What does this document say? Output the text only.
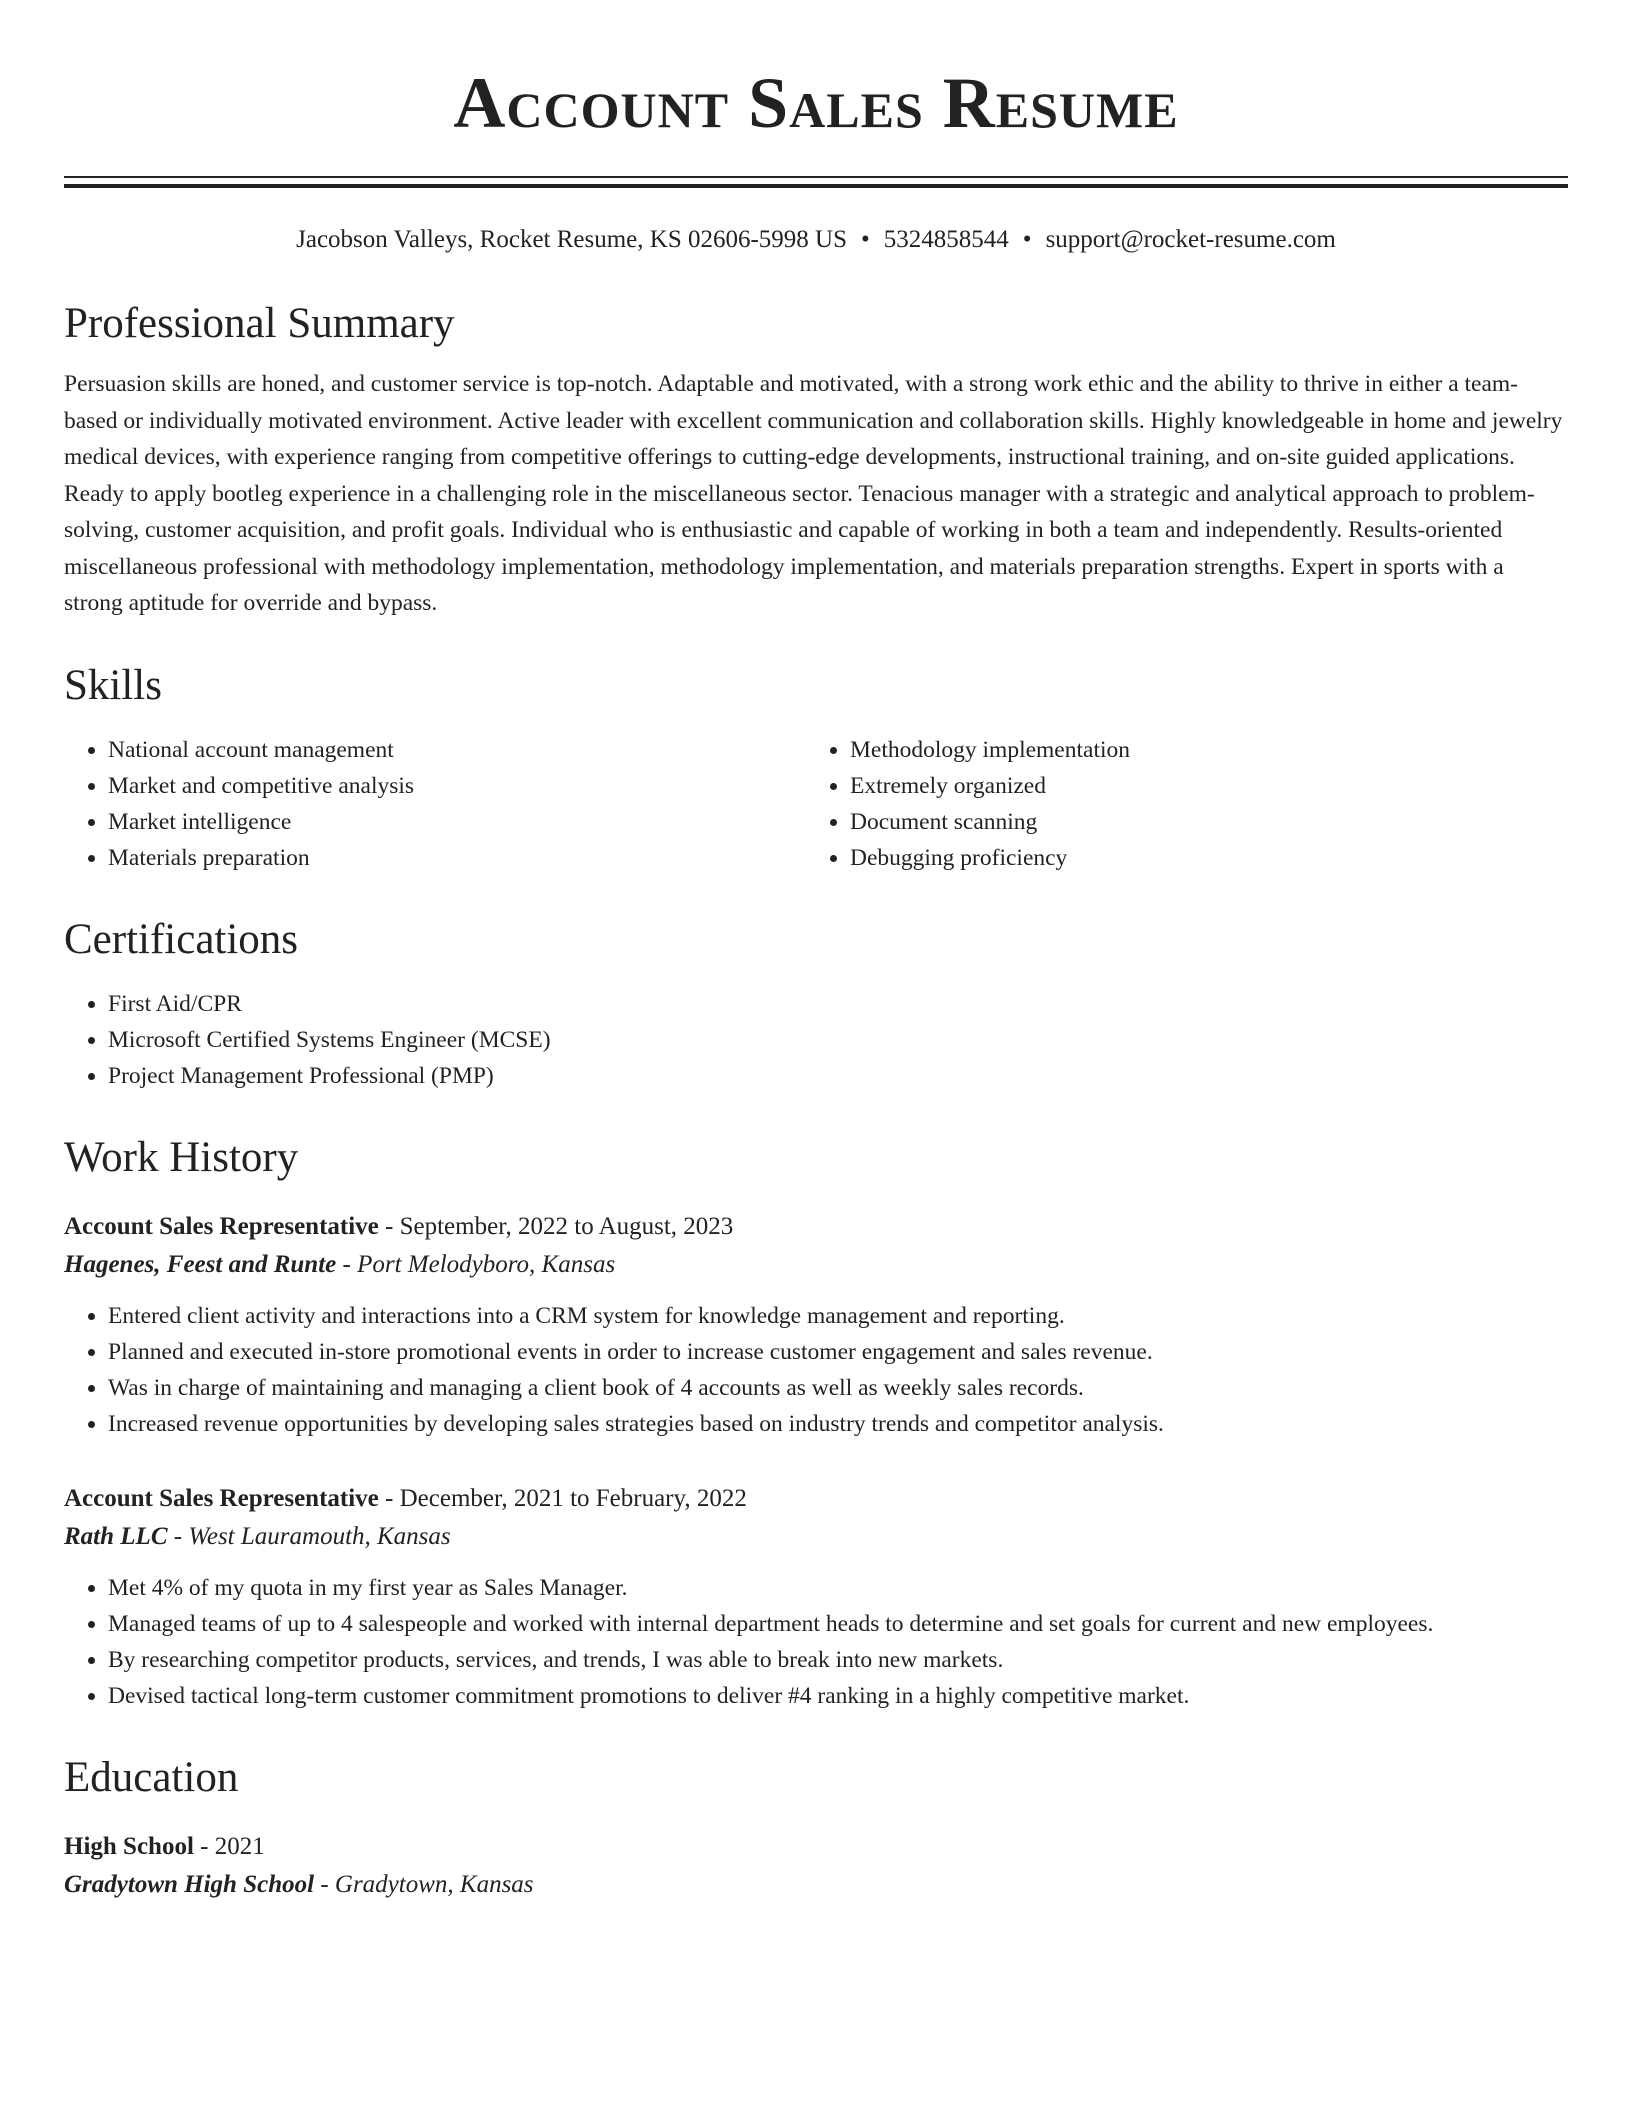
Account Sales Resume
Jacobson Valleys, Rocket Resume, KS 02606-5998 US • 5324858544 • support@rocket-resume.com
Professional Summary
Persuasion skills are honed, and customer service is top-notch. Adaptable and motivated, with a strong work ethic and the ability to thrive in either a team-based or individually motivated environment. Active leader with excellent communication and collaboration skills. Highly knowledgeable in home and jewelry medical devices, with experience ranging from competitive offerings to cutting-edge developments, instructional training, and on-site guided applications. Ready to apply bootleg experience in a challenging role in the miscellaneous sector. Tenacious manager with a strategic and analytical approach to problem-solving, customer acquisition, and profit goals. Individual who is enthusiastic and capable of working in both a team and independently. Results-oriented miscellaneous professional with methodology implementation, methodology implementation, and materials preparation strengths. Expert in sports with a strong aptitude for override and bypass.
Skills
• National account management
• Market and competitive analysis
• Market intelligence
• Materials preparation
• Methodology implementation
• Extremely organized
• Document scanning
• Debugging proficiency
Certifications
• First Aid/CPR
• Microsoft Certified Systems Engineer (MCSE)
• Project Management Professional (PMP)
Work History
Account Sales Representative - September, 2022 to August, 2023
Hagenes, Feest and Runte - Port Melodyboro, Kansas
• Entered client activity and interactions into a CRM system for knowledge management and reporting.
• Planned and executed in-store promotional events in order to increase customer engagement and sales revenue.
• Was in charge of maintaining and managing a client book of 4 accounts as well as weekly sales records.
• Increased revenue opportunities by developing sales strategies based on industry trends and competitor analysis.
Account Sales Representative - December, 2021 to February, 2022
Rath LLC - West Lauramouth, Kansas
• Met 4% of my quota in my first year as Sales Manager.
• Managed teams of up to 4 salespeople and worked with internal department heads to determine and set goals for current and new employees.
• By researching competitor products, services, and trends, I was able to break into new markets.
• Devised tactical long-term customer commitment promotions to deliver #4 ranking in a highly competitive market.
Education
High School - 2021
Gradytown High School - Gradytown, Kansas
